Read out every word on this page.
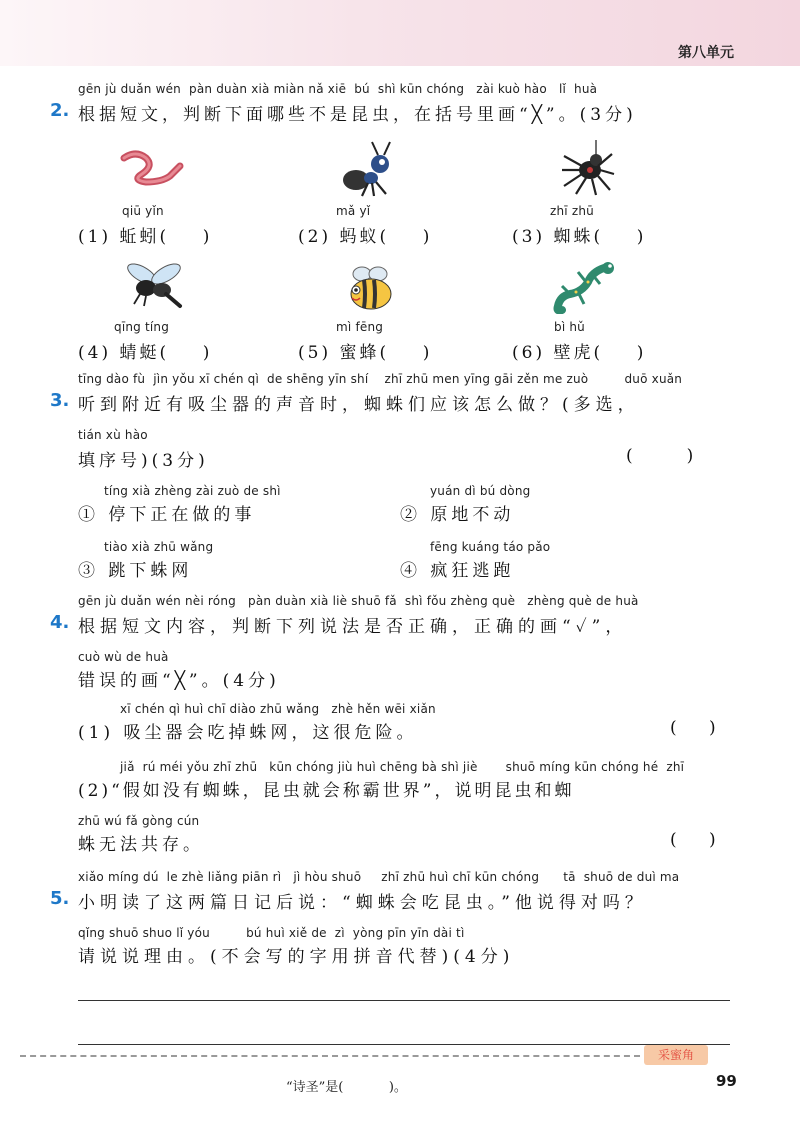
第八单元
gēn jù duǎn wén  pàn duàn xià miàn nǎ xiē  bú  shì kūn chóng   zài kuò hào   lǐ  huà
2. 根据短文，判断下面哪些不是昆虫，在括号里画“╳”。(3分)
qiū yǐn
(1) 蚯蚓(    )
mǎ yǐ
(2) 蚂蚁(    )
zhī zhū
(3) 蜘蛛(    )
qīng tíng
(4) 蜻蜓(    )
mì fēng
(5) 蜜蜂(    )
bì hǔ
(6) 壁虎(    )
tīng dào fù  jìn yǒu xī chén qì  de shēng yīn shí    zhī zhū men yīng gāi zěn me zuò         duō xuǎn
3. 听到附近有吸尘器的声音时，蜘蛛们应该怎么做？(多选，
tián xù hào
填序号)(3分)	(          )
tíng xià zhèng zài zuò de shì
① 停下正在做的事
yuán dì bú dòng
② 原地不动
tiào xià zhū wǎng
③ 跳下蛛网
fēng kuáng táo pǎo
④ 疯狂逃跑
gēn jù duǎn wén nèi róng   pàn duàn xià liè shuō fǎ  shì fǒu zhèng què   zhèng què de huà
4. 根据短文内容，判断下列说法是否正确，正确的画“✓”，
cuò wù de huà
错误的画“╳”。(4分)
xī chén qì huì chī diào zhū wǎng   zhè hěn wēi xiǎn
(1) 吸尘器会吃掉蛛网，这很危险。	(      )
jiǎ  rú méi yǒu zhī zhū   kūn chóng jiù huì chēng bà shì jiè       shuō míng kūn chóng hé  zhī
(2)“假如没有蜘蛛，昆虫就会称霸世界”，说明昆虫和蜘
zhū wú fǎ gòng cún
蛛无法共存。	(      )
xiǎo míng dú  le zhè liǎng piān rì   jì hòu shuō     zhī zhū huì chī kūn chóng      tā  shuō de duì ma
5. 小明读了这两篇日记后说：“蜘蛛会吃昆虫。”他说得对吗？
qǐng shuō shuo lǐ yóu         bú huì xiě de  zì  yòng pīn yīn dài tì
请说说理由。(不会写的字用拼音代替)(4分)
采蜜角
“诗圣”是(           )。	99
